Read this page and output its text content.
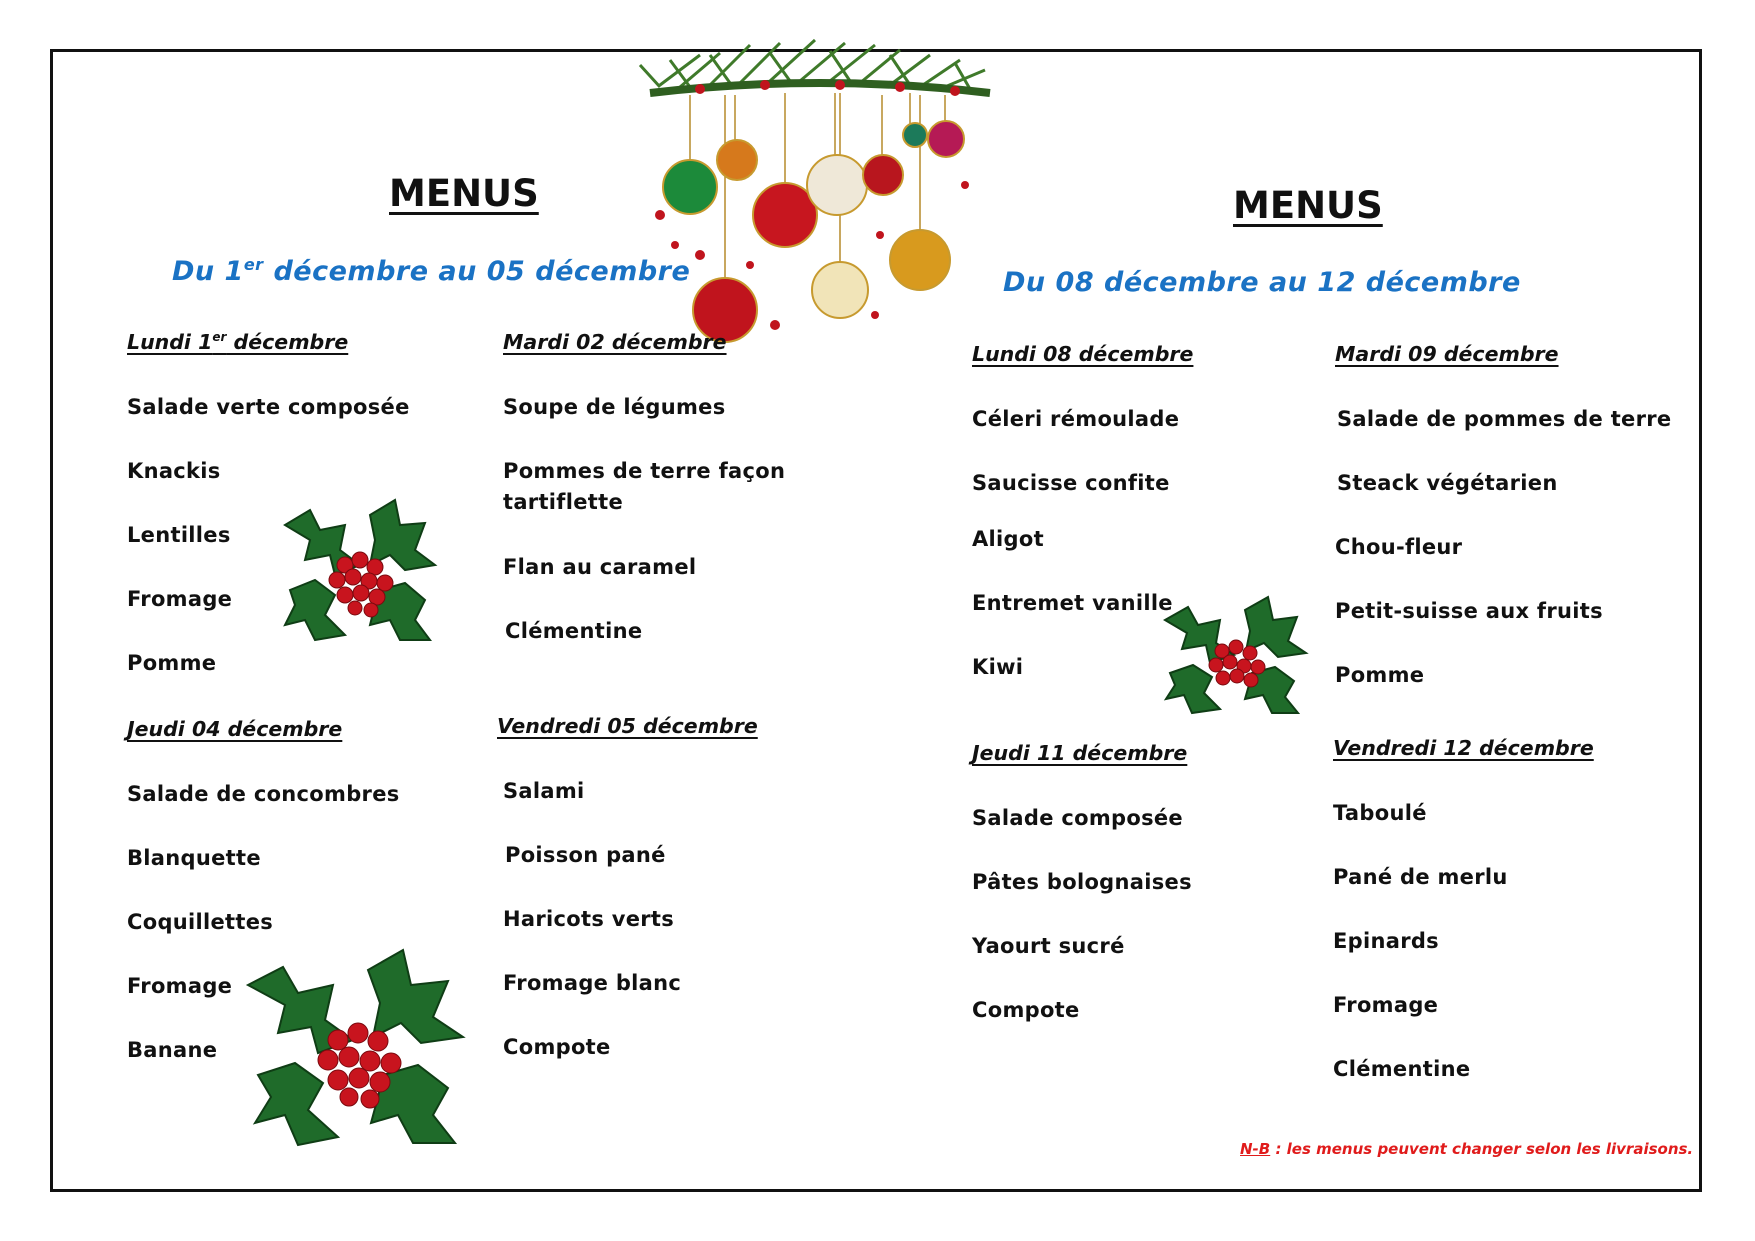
MENUS
Du 1er décembre au 05 décembre
Lundi 1er décembre
Salade verte composée
Knackis
Lentilles
Fromage
Pomme
Mardi 02 décembre
Soupe de légumes
Pommes de terre façon tartiflette
Flan au caramel
Clémentine
Jeudi 04 décembre
Salade de concombres
Blanquette
Coquillettes
Fromage
Banane
Vendredi 05 décembre
Salami
Poisson pané
Haricots verts
Fromage blanc
Compote
MENUS
Du 08 décembre au 12 décembre
Lundi 08 décembre
Céleri rémoulade
Saucisse confite
Aligot
Entremet vanille
Kiwi
Mardi 09 décembre
Salade de pommes de terre
Steack végétarien
Chou-fleur
Petit-suisse aux fruits
Pomme
Jeudi 11 décembre
Salade composée
Pâtes bolognaises
Yaourt sucré
Compote
Vendredi 12 décembre
Taboulé
Pané de merlu
Epinards
Fromage
Clémentine
N-B : les menus peuvent changer selon les livraisons.
